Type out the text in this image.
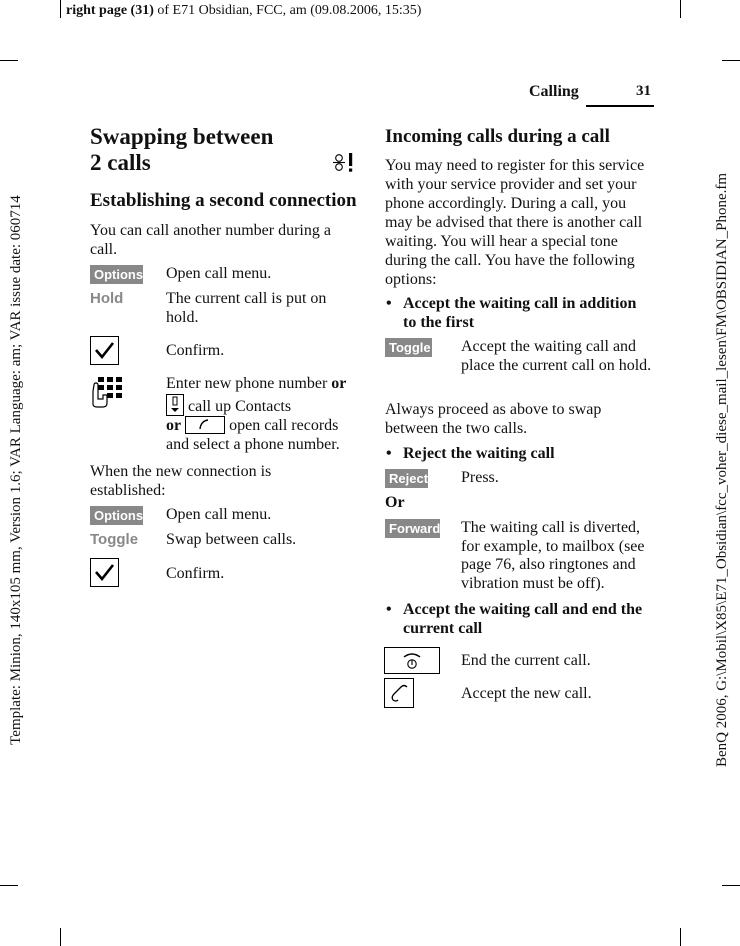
right page (31) of E71 Obsidian, FCC, am (09.08.2006, 15:35)
Template: Minion, 140x105 mm, Version 1.6; VAR Language: am; VAR issue date: 060714	BenQ 2006, G:\Mobil\X85\E71_Obsidian\fcc_voher_diese_mail_lesen\FM\OBSIDIAN_Phone.fm
Calling	31
Swapping between
2 calls
Establishing a second connection
You can call another number during a call.
Options Open call menu.
Hold	The current call is put on hold.
Confirm.
Enter new phone number or
call up Contacts
or	open call records and select a phone number.
When the new connection is established:
Options Open call menu.
Toggle Swap between calls.
Confirm.
Incoming calls during a call
You may need to register for this service with your service provider and set your phone accordingly. During a call, you may be advised that there is another call waiting. You will hear a special tone during the call. You have the following options:
• Accept the waiting call in addition to the first
Toggle Accept the waiting call and place the current call on hold.
Always proceed as above to swap between the two calls.
• Reject the waiting call
Reject Press.
Or
Forward The waiting call is diverted, for example, to mailbox (see page 76, also ringtones and vibration must be off).
• Accept the waiting call and end the current call
End the current call.
Accept the new call.
